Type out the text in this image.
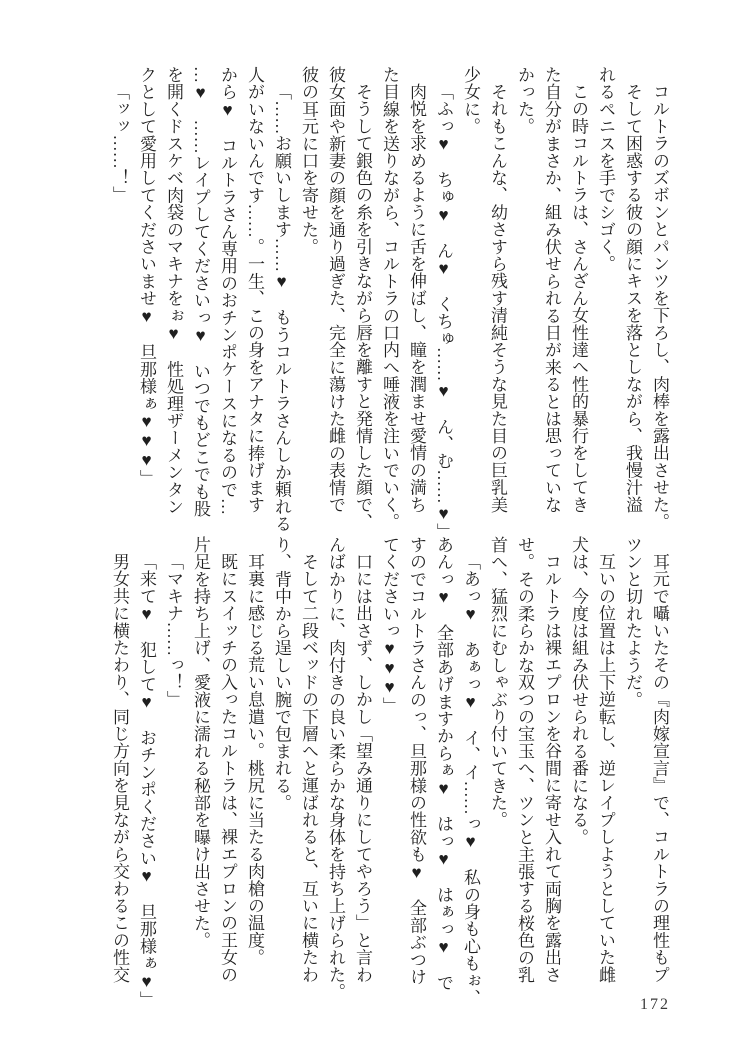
コルトラのズボンとパンツを下ろし、肉棒を露出させた。

そして困惑する彼の顔にキスを落としながら、我慢汁溢

れるペニスを手でシゴく。

この時コルトラは、さんざん女性達へ性的暴行をしてき

た自分がまさか、組み伏せられる日が来るとは思っていな

かった。

それもこんな、幼さすら残す清純そうな見た目の巨乳美

少女に。

「ふっ♥　ちゅ♥　ん♥　くちゅ……♥　ん、む……♥」

肉悦を求めるように舌を伸ばし、瞳を潤ませ愛情の満ち

た目線を送りながら、コルトラの口内へ唾液を注いでいく。

そうして銀色の糸を引きながら唇を離すと発情した顔で、

彼女面や新妻の顔を通り過ぎた、完全に蕩けた雌の表情で

彼の耳元に口を寄せた。

「……お願いします……♥　もうコルトラさんしか頼れる

人がいないんです……。一生、この身をアナタに捧げます

から♥　コルトラさん専用のおチンポケースになるので…

…♥　……レイプしてくださいっ♥　いつでもどこでも股

を開くドスケベ肉袋のマキナをぉ♥　性処理ザーメンタン

クとして愛用してくださいませ♥　旦那様ぁ♥♥♥」

「ッッ……！」

耳元で囁いたその『肉嫁宣言』で、コルトラの理性もプ

ツンと切れたようだ。

互いの位置は上下逆転し、逆レイプしようとしていた雌

犬は、今度は組み伏せられる番になる。

コルトラは裸エプロンを谷間に寄せ入れて両胸を露出さ

せ。その柔らかな双つの宝玉へ、ツンと主張する桜色の乳

首へ、猛烈にむしゃぶり付いてきた。

「あっ♥　あぁっ♥　イ、イ……っ♥　私の身も心もぉ、

あんっ♥　全部あげますからぁ♥　はっ♥　はぁっ♥　で

すのでコルトラさんのっ、旦那様の性欲も♥　全部ぶつけ

てくださいっ♥♥♥」

口には出さず、しかし「望み通りにしてやろう」と言わ

んばかりに、肉付きの良い柔らかな身体を持ち上げられた。

そして二段ベッドの下層へと運ばれると、互いに横たわ

り、背中から逞しい腕で包まれる。

耳裏に感じる荒い息遣い。桃尻に当たる肉槍の温度。

既にスイッチの入ったコルトラは、裸エプロンの王女の

片足を持ち上げ、愛液に濡れる秘部を曝け出させた。

「マキナ……っ！」

「来て♥　犯して♥　おチンポください♥　旦那様ぁ♥」

男女共に横たわり、同じ方向を見ながら交わるこの性交

172
